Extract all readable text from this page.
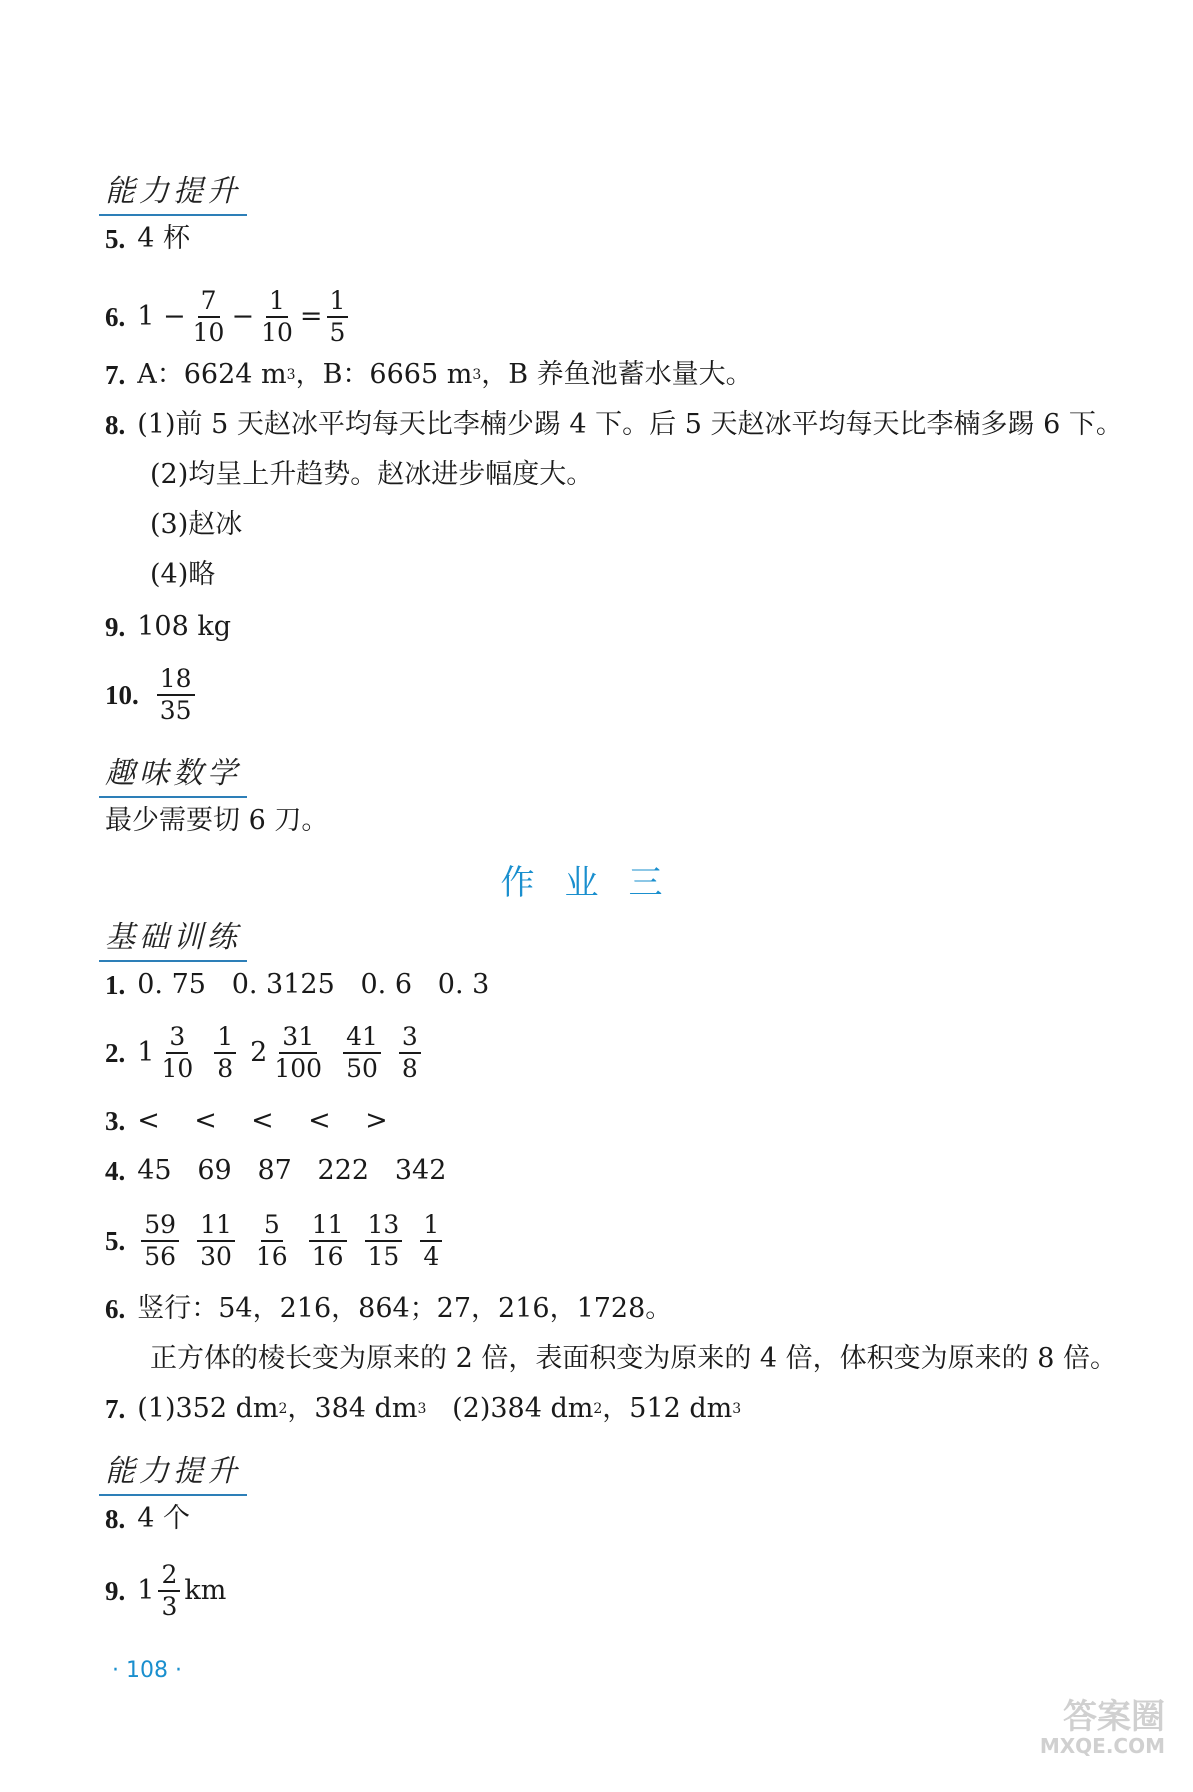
能力提升
5. 4 杯
6. $1 - \frac{7}{10} - \frac{1}{10} = \frac{1}{5}$
7. A：6624 m 3 ，B：6665 m 3 ，B 养鱼池蓄水量大。
8. (1)前 5 天赵冰平均每天比李楠少踢 4 下。后 5 天赵冰平均每天比李楠多踢 6 下。
(2)均呈上升趋势。赵冰进步幅度大。
(3)赵冰
(4)略
9. 108 kg
10. $\frac{18}{35}$
趣味数学
最少需要切 6 刀。
作业三
基础训练
1. 0. 75   0. 3125   0. 6   0. 3
2. $1 \frac{3}{10} \frac{1}{8} 2 \frac{31}{100} \frac{41}{50} \frac{3}{8}$
3. <    <    <    <    >
4. 45   69   87   222   342
5. $\frac{59}{56} \frac{11}{30} \frac{5}{16} \frac{11}{16} \frac{13}{15} \frac{1}{4}$
6. 竖行：54，216，864；27，216，1728。
正方体的棱长变为原来的 2 倍，表面积变为原来的 4 倍，体积变为原来的 8 倍。
7. (1)352 dm 2 ，384 dm 3 (2)384 dm 2 ，512 dm 3
能力提升
8. 4 个
9. $1 \frac{2}{3}$ km
· 108 ·
答案圈
MXQE.COM
